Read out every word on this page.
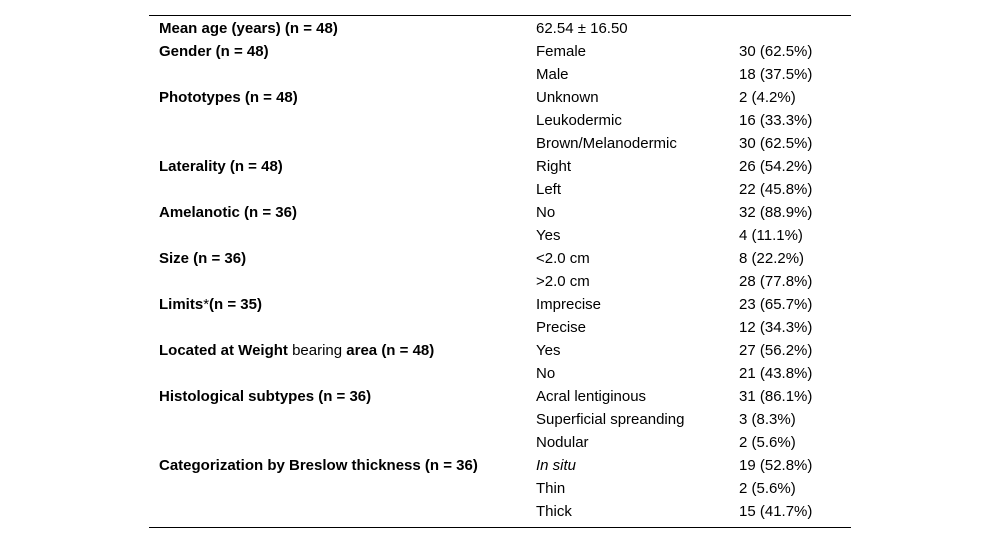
Mean age (years) (n = 48)	62.54 ± 16.50
Gender (n = 48)	Female	30 (62.5%)
Male	18 (37.5%)
Phototypes (n = 48)	Unknown	2 (4.2%)
Leukodermic	16 (33.3%)
Brown/Melanodermic	30 (62.5%)
Laterality (n = 48)	Right	26 (54.2%)
Left	22 (45.8%)
Amelanotic (n = 36)	No	32 (88.9%)
Yes	4 (11.1%)
Size (n = 36)	<2.0 cm	8 (22.2%)
>2.0 cm	28 (77.8%)
Limits*(n = 35)	Imprecise	23 (65.7%)
Precise	12 (34.3%)
Located at Weight bearing area (n = 48)	Yes	27 (56.2%)
No	21 (43.8%)
Histological subtypes (n = 36)	Acral lentiginous	31 (86.1%)
Superficial spreanding	3 (8.3%)
Nodular	2 (5.6%)
Categorization by Breslow thickness (n = 36)	In situ	19 (52.8%)
Thin	2 (5.6%)
Thick	15 (41.7%)
